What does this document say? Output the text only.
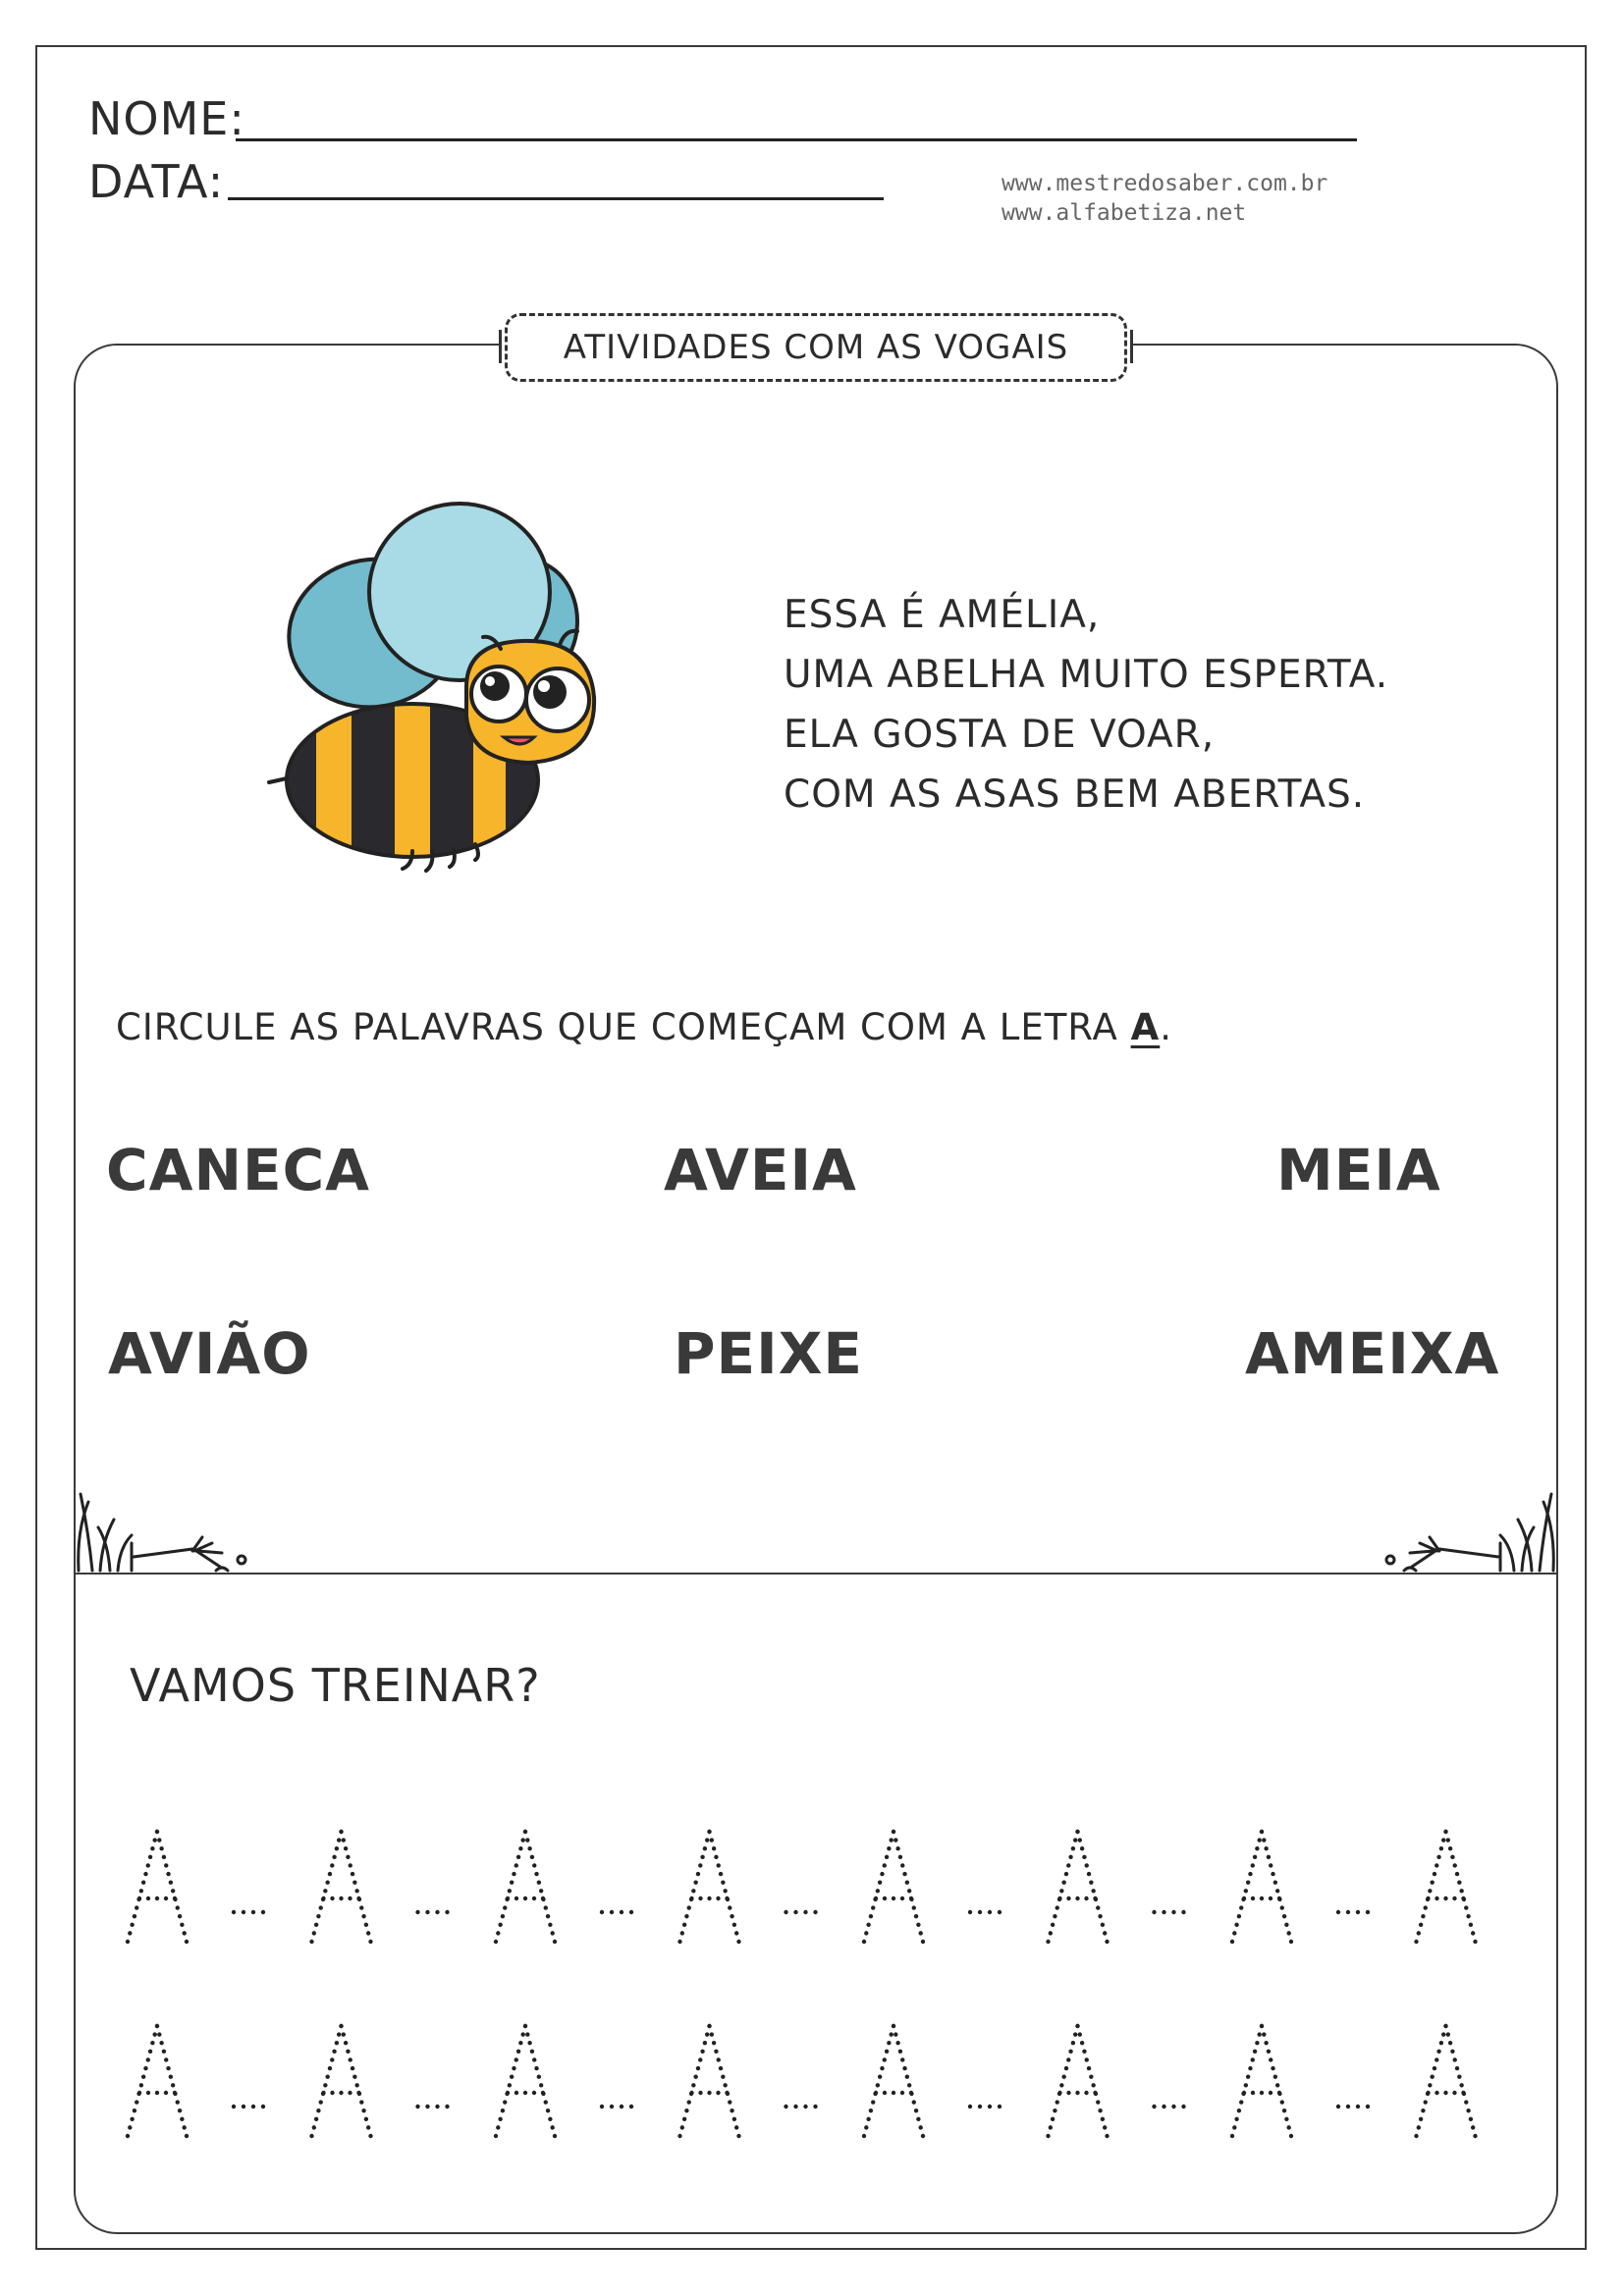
NOME:
DATA:	www.mestredosaber.com.br
www.alfabetiza.net
ATIVIDADES COM AS VOGAIS
ESSA É AMÉLIA,
UMA ABELHA MUITO ESPERTA.
ELA GOSTA DE VOAR,
COM AS ASAS BEM ABERTAS.
CIRCULE AS PALAVRAS QUE COMEÇAM COM A LETRA A.
CANECA	AVEIA	MEIA
AVIÃO	PEIXE	AMEIXA
VAMOS TREINAR?
